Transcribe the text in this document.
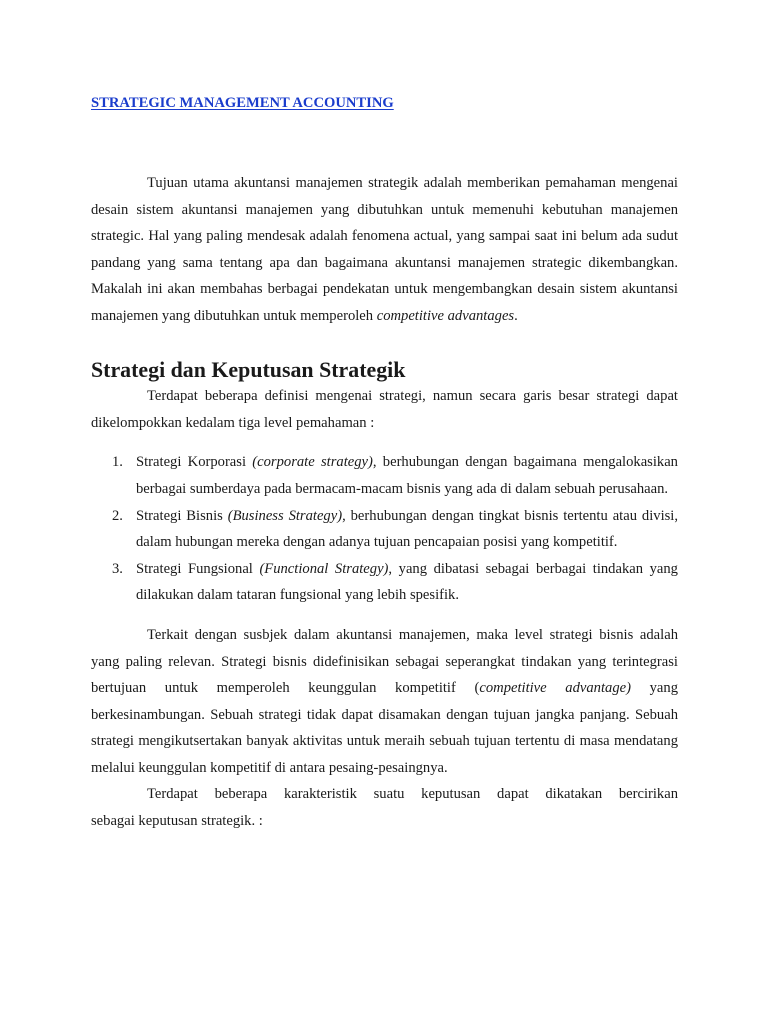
STRATEGIC MANAGEMENT ACCOUNTING

Tujuan utama akuntansi manajemen strategik adalah memberikan pemahaman mengenai desain sistem akuntansi manajemen yang dibutuhkan untuk memenuhi kebutuhan manajemen strategic. Hal yang paling mendesak adalah fenomena actual, yang sampai saat ini belum ada sudut pandang yang sama tentang apa dan bagaimana akuntansi manajemen strategic dikembangkan. Makalah ini akan membahas berbagai pendekatan untuk mengembangkan desain sistem akuntansi manajemen yang dibutuhkan untuk memperoleh competitive advantages.

Strategi dan Keputusan Strategik

Terdapat beberapa definisi mengenai strategi, namun secara garis besar strategi dapat dikelompokkan kedalam tiga level pemahaman :

1. Strategi Korporasi (corporate strategy), berhubungan dengan bagaimana mengalokasikan berbagai sumberdaya pada bermacam-macam bisnis yang ada di dalam sebuah perusahaan.
2. Strategi Bisnis (Business Strategy), berhubungan dengan tingkat bisnis tertentu atau divisi, dalam hubungan mereka dengan adanya tujuan pencapaian posisi yang kompetitif.
3. Strategi Fungsional (Functional Strategy), yang dibatasi sebagai berbagai tindakan yang dilakukan dalam tataran fungsional yang lebih spesifik.

Terkait dengan susbjek dalam akuntansi manajemen, maka level strategi bisnis adalah yang paling relevan. Strategi bisnis didefinisikan sebagai seperangkat tindakan yang terintegrasi bertujuan untuk memperoleh keunggulan kompetitif (competitive advantage) yang berkesinambungan. Sebuah strategi tidak dapat disamakan dengan tujuan jangka panjang. Sebuah strategi mengikutsertakan banyak aktivitas untuk meraih sebuah tujuan tertentu di masa mendatang melalui keunggulan kompetitif di antara pesaing-pesaingnya.

Terdapat beberapa karakteristik suatu keputusan dapat dikatakan bercirikan

sebagai keputusan strategik. :
